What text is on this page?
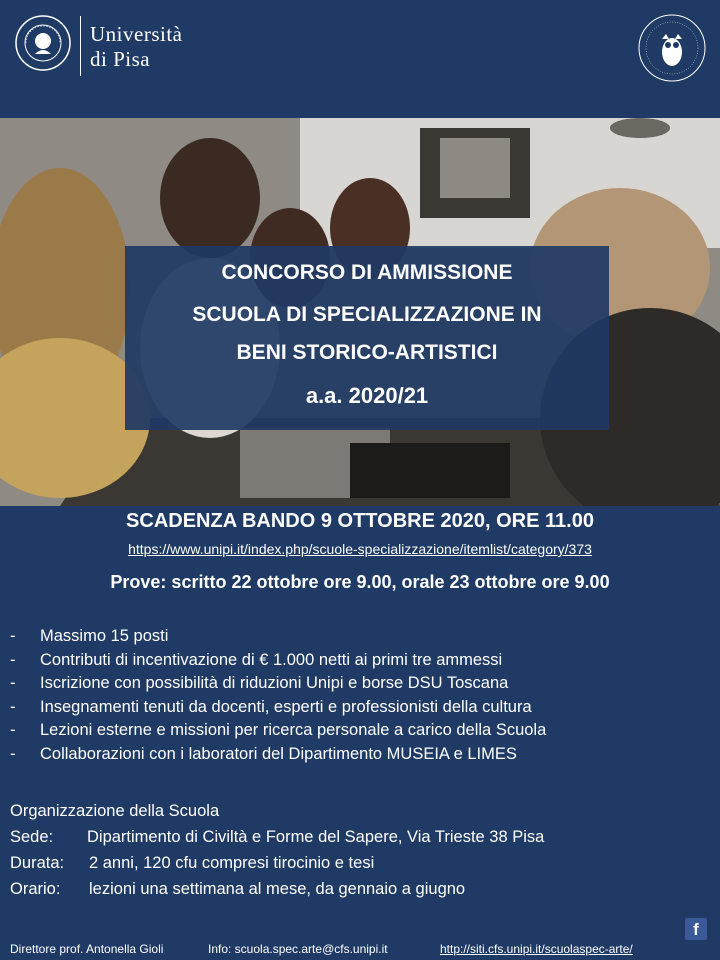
Università
di Pisa
CONCORSO DI AMMISSIONE
SCUOLA DI SPECIALIZZAZIONE IN
BENI STORICO-ARTISTICI
a.a. 2020/21
SCADENZA BANDO 9 OTTOBRE 2020, ORE 11.00
https://www.unipi.it/index.php/scuole-specializzazione/itemlist/category/373
Prove: scritto 22 ottobre ore 9.00, orale 23 ottobre ore 9.00
- Massimo 15 posti
- Contributi di incentivazione di € 1.000 netti ai primi tre ammessi
- Iscrizione con possibilità di riduzioni Unipi e borse DSU Toscana
- Insegnamenti tenuti da docenti, esperti e professionisti della cultura
- Lezioni esterne e missioni per ricerca personale a carico della Scuola
- Collaborazioni con i laboratori del Dipartimento MUSEIA e LIMES
Organizzazione della Scuola
Sede: Dipartimento di Civiltà e Forme del Sapere, Via Trieste 38 Pisa
Durata: 2 anni, 120 cfu compresi tirocinio e tesi
Orario: lezioni una settimana al mese, da gennaio a giugno
f
Direttore prof. Antonella Gioli	Info: scuola.spec.arte@cfs.unipi.it	http://siti.cfs.unipi.it/scuolaspec-arte/
